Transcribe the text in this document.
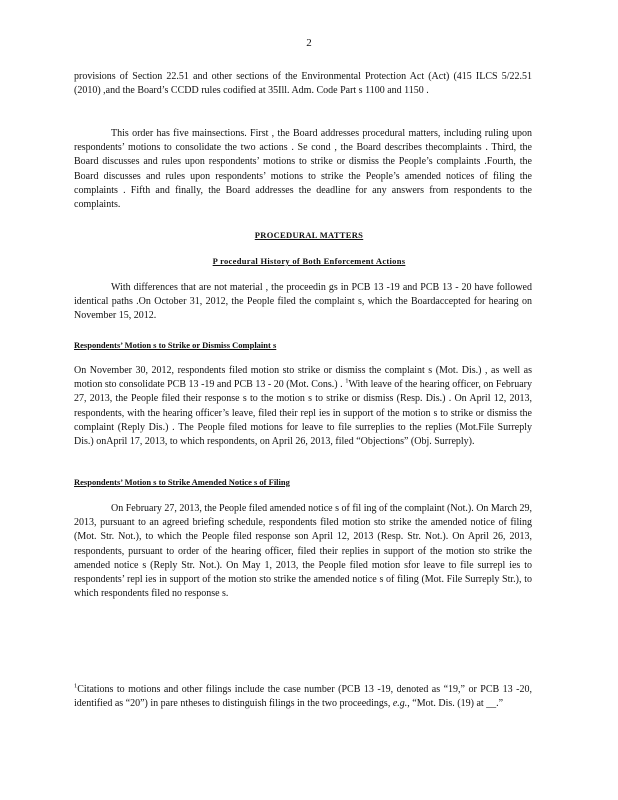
2

provisions of Section 22.51 and other sections of the Environmental Protection Act (Act) (415 ILCS 5/22.51 (2010) ,and the Board’s CCDD rules codified at 35Ill. Adm. Code Part s 1100 and 1150 .

This order has five mainsections. First , the Board addresses procedural matters, including ruling upon respondents’ motions to consolidate the two actions . Se cond , the Board describes thecomplaints . Third, the Board discusses and rules upon respondents’ motions to strike or dismiss the People’s complaints .Fourth, the Board discusses and rules upon respondents’ motions to strike the People’s amended notices of filing the complaints . Fifth and finally, the Board addresses the deadline for any answers from respondents to the complaints.

PROCEDURAL MATTERS
P rocedural History of Both Enforcement Actions

With differences that are not material , the proceedin gs in PCB 13 -19 and PCB 13 - 20 have followed identical paths .On October 31, 2012, the People filed the complaint s, which the Boardaccepted for hearing on November 15, 2012.

Respondents’ Motion s to Strike or Dismiss Complaint s

On November 30, 2012, respondents filed motion sto strike or dismiss the complaint s (Mot. Dis.) , as well as motion sto consolidate PCB 13 -19 and PCB 13 - 20 (Mot. Cons.) . $^1$With leave of the hearing officer, on February 27, 2013, the People filed their response s to the motion s to strike or dismiss (Resp. Dis.) . On April 12, 2013, respondents, with the hearing officer’s leave, filed their repl ies in support of the motion s to strike or dismiss the complaint (Reply Dis.) . The People filed motions for leave to file surreplies to the replies (Mot.File Surreply Dis.) onApril 17, 2013, to which respondents, on April 26, 2013, filed “Objections” (Obj. Surreply).

Respondents’ Motion s to Strike Amended Notice s of Filing

On February 27, 2013, the People filed amended notice s of fil ing of the complaint (Not.). On March 29, 2013, pursuant to an agreed briefing schedule, respondents filed motion sto strike the amended notice of filing (Mot. Str. Not.), to which the People filed response son April 12, 2013 (Resp. Str. Not.). On April 26, 2013, respondents, pursuant to order of the hearing officer, filed their replies in support of the motion sto strike the amended notice s (Reply Str. Not.). On May 1, 2013, the People filed motion sfor leave to file surrepl ies to respondents’ repl ies in support of the motion sto strike the amended notice s of filing (Mot. File Surreply Str.), to which respondents filed no response s.

$^1$Citations to motions and other filings include the case number (PCB 13 -19, denoted as “19,” or PCB 13 -20, identified as “20”) in pare ntheses to distinguish filings in the two proceedings, e.g., “Mot. Dis. (19) at __.”
